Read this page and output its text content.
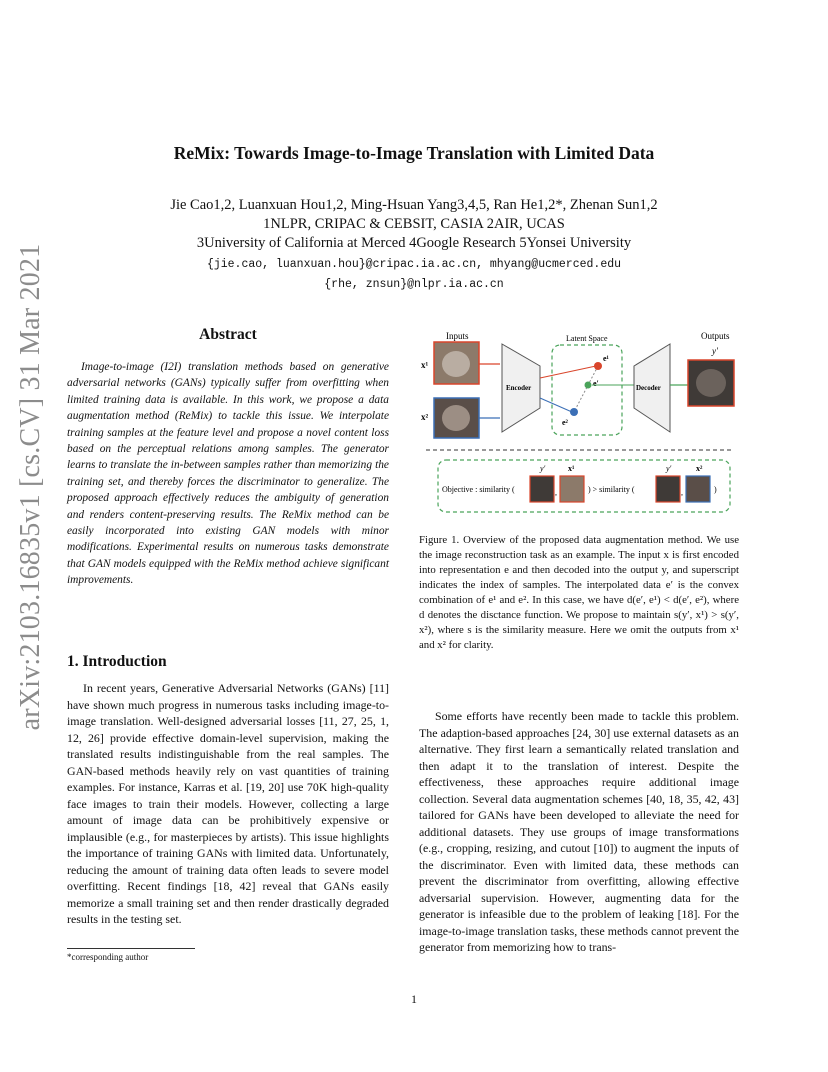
ReMix: Towards Image-to-Image Translation with Limited Data
Jie Cao1,2, Luanxuan Hou1,2, Ming-Hsuan Yang3,4,5, Ran He1,2*, Zhenan Sun1,2
1NLPR, CRIPAC & CEBSIT, CASIA 2AIR, UCAS
3University of California at Merced 4Google Research 5Yonsei University
{jie.cao, luanxuan.hou}@cripac.ia.ac.cn, mhyang@ucmerced.edu
{rhe, znsun}@nlpr.ia.ac.cn
arXiv:2103.16835v1 [cs.CV] 31 Mar 2021	Abstract

Image-to-image (I2I) translation methods based on generative adversarial networks (GANs) typically suffer from overfitting when limited training data is available. In this work, we propose a data augmentation method (ReMix) to tackle this issue. We interpolate training samples at the feature level and propose a novel content loss based on the perceptual relations among samples. The generator learns to translate the in-between samples rather than memorizing the training set, and thereby forces the discriminator to generalize. The proposed approach effectively reduces the ambiguity of generation and renders content-preserving results. The ReMix method can be easily incorporated into existing GAN models with minor modifications. Experimental results on numerous tasks demonstrate that GAN models equipped with the ReMix method achieve significant improvements.

1. Introduction

In recent years, Generative Adversarial Networks (GANs) [11] have shown much progress in numerous tasks including image-to-image translation. Well-designed adversarial losses [11, 27, 25, 1, 12, 26] provide effective domain-level supervision, making the translated results indistinguishable from the real samples. The GAN-based methods heavily rely on vast quantities of training examples. For instance, Karras et al. [19, 20] use 70K high-quality face images to train their models. However, collecting a large amount of image data can be prohibitively expensive or implausible (e.g., for masterpieces by artists). This issue highlights the importance of training GANs with limited data. Unfortunately, reducing the amount of training data often leads to severe model overfitting. Recent findings [18, 42] reveal that GANs easily memorize a small training set and then render drastically degraded results in the testing set.

Some efforts have recently been made to tackle this problem. The adaption-based approaches [24, 30] use external datasets as an alternative. They first learn a semantically related translation and then adapt it to the translation of interest. Despite the effectiveness, these approaches require additional image collection. Several data augmentation schemes [40, 18, 35, 42, 43] tailored for GANs have been developed to alleviate the need for additional datasets. They use groups of image transformations (e.g., cropping, resizing, and cutout [10]) to augment the inputs of the discriminator. Even with limited data, these methods can prevent the discriminator from overfitting, allowing effective adversarial supervision. However, augmenting data for the generator is infeasible due to the problem of leaking [18]. For the image-to-image translation tasks, these methods cannot prevent the generator from memorizing how to trans-

Inputs	Latent Space	Outputs
y′
x¹
x²
Encoder
e¹
e²
e′	Decoder
y′	x¹	y′	x²
Objective : similarity (	,	) > similarity (	,	)

Figure 1. Overview of the proposed data augmentation method. We use the image reconstruction task as an example. The input x is first encoded into representation e and then decoded into the output y, and superscript indicates the index of samples. The interpolated data e′ is the convex combination of e¹ and e². In this case, we have d(e′, e¹) < d(e′, e²), where d denotes the disctance function. We propose to maintain s(y′, x¹) > s(y′, x²), where s is the similarity measure. Here we omit the outputs from x¹ and x² for clarity.

*corresponding author
1
